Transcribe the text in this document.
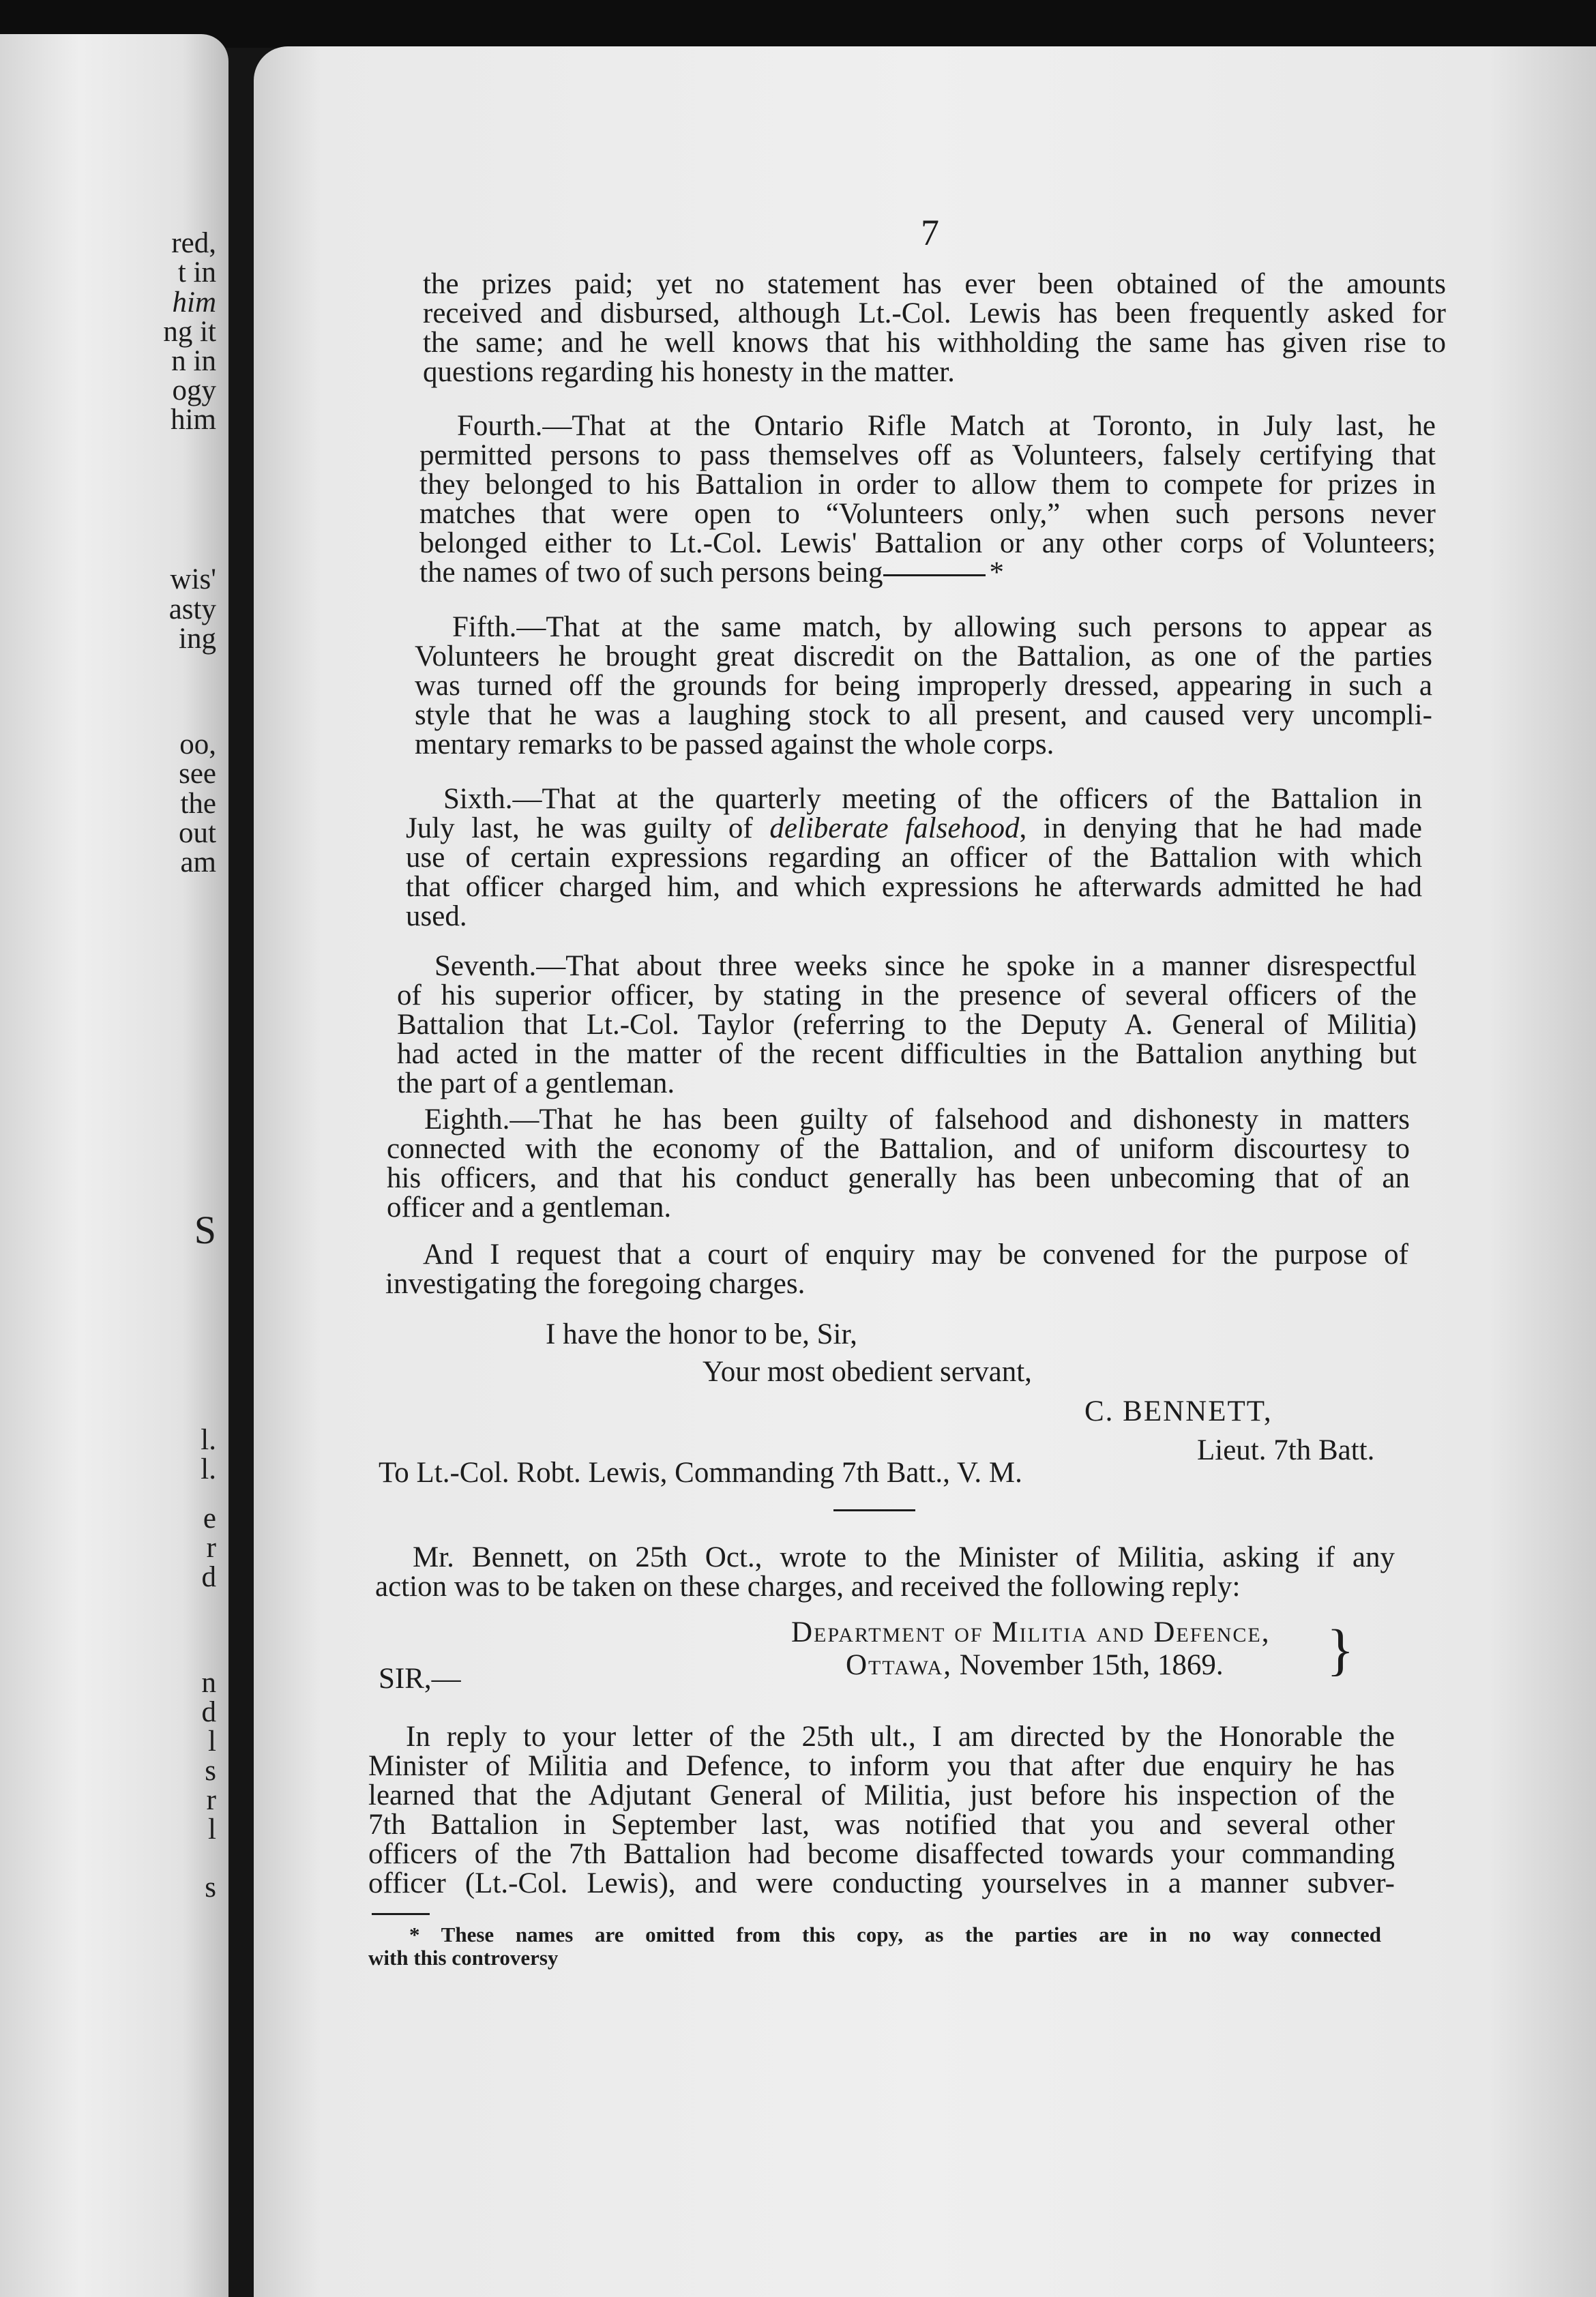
red,
t in
him
ng it
n in
ogy
him
wis'
asty
ing
oo,
see
the
out
am
S
l.
l.
e
r
d
n
d
l
s
r
l
s
7
the prizes paid; yet no statement has ever been obtained of the amounts
received and disbursed, although Lt.-Col. Lewis has been frequently asked for
the same; and he well knows that his withholding the same has given rise to
questions regarding his honesty in the matter.
Fourth.—That at the Ontario Rifle Match at Toronto, in July last, he
permitted persons to pass themselves off as Volunteers, falsely certifying that
they belonged to his Battalion in order to allow them to compete for prizes in
matches that were open to “Volunteers only,” when such persons never
belonged either to Lt.-Col. Lewis' Battalion or any other corps of Volunteers;
the names of two of such persons being	*
Fifth.—That at the same match, by allowing such persons to appear as
Volunteers he brought great discredit on the Battalion, as one of the parties
was turned off the grounds for being improperly dressed, appearing in such a
style that he was a laughing stock to all present, and caused very uncompli-
mentary remarks to be passed against the whole corps.
Sixth.—That at the quarterly meeting of the officers of the Battalion in
July last, he was guilty of deliberate falsehood, in denying that he had made
use of certain expressions regarding an officer of the Battalion with which
that officer charged him, and which expressions he afterwards admitted he had
used.
Seventh.—That about three weeks since he spoke in a manner disrespectful
of his superior officer, by stating in the presence of several officers of the
Battalion that Lt.-Col. Taylor (referring to the Deputy A. General of Militia)
had acted in the matter of the recent difficulties in the Battalion anything but
the part of a gentleman.
Eighth.—That he has been guilty of falsehood and dishonesty in matters
connected with the economy of the Battalion, and of uniform discourtesy to
his officers, and that his conduct generally has been unbecoming that of an
officer and a gentleman.
And I request that a court of enquiry may be convened for the purpose of
investigating the foregoing charges.
I have the honor to be, Sir,
Your most obedient servant,
C. BENNETT,
Lieut. 7th Batt.
To Lt.-Col. Robt. Lewis, Commanding 7th Batt., V. M.
Mr. Bennett, on 25th Oct., wrote to the Minister of Militia, asking if any
action was to be taken on these charges, and received the following reply:
Department of Militia and Defence,
Ottawa, November 15th, 1869. }
SIR,—
In reply to your letter of the 25th ult., I am directed by the Honorable the
Minister of Militia and Defence, to inform you that after due enquiry he has
learned that the Adjutant General of Militia, just before his inspection of the
7th Battalion in September last, was notified that you and several other
officers of the 7th Battalion had become disaffected towards your commanding
officer (Lt.-Col. Lewis), and were conducting yourselves in a manner subver-
* These names are omitted from this copy, as the parties are in no way connected
with this controversy
